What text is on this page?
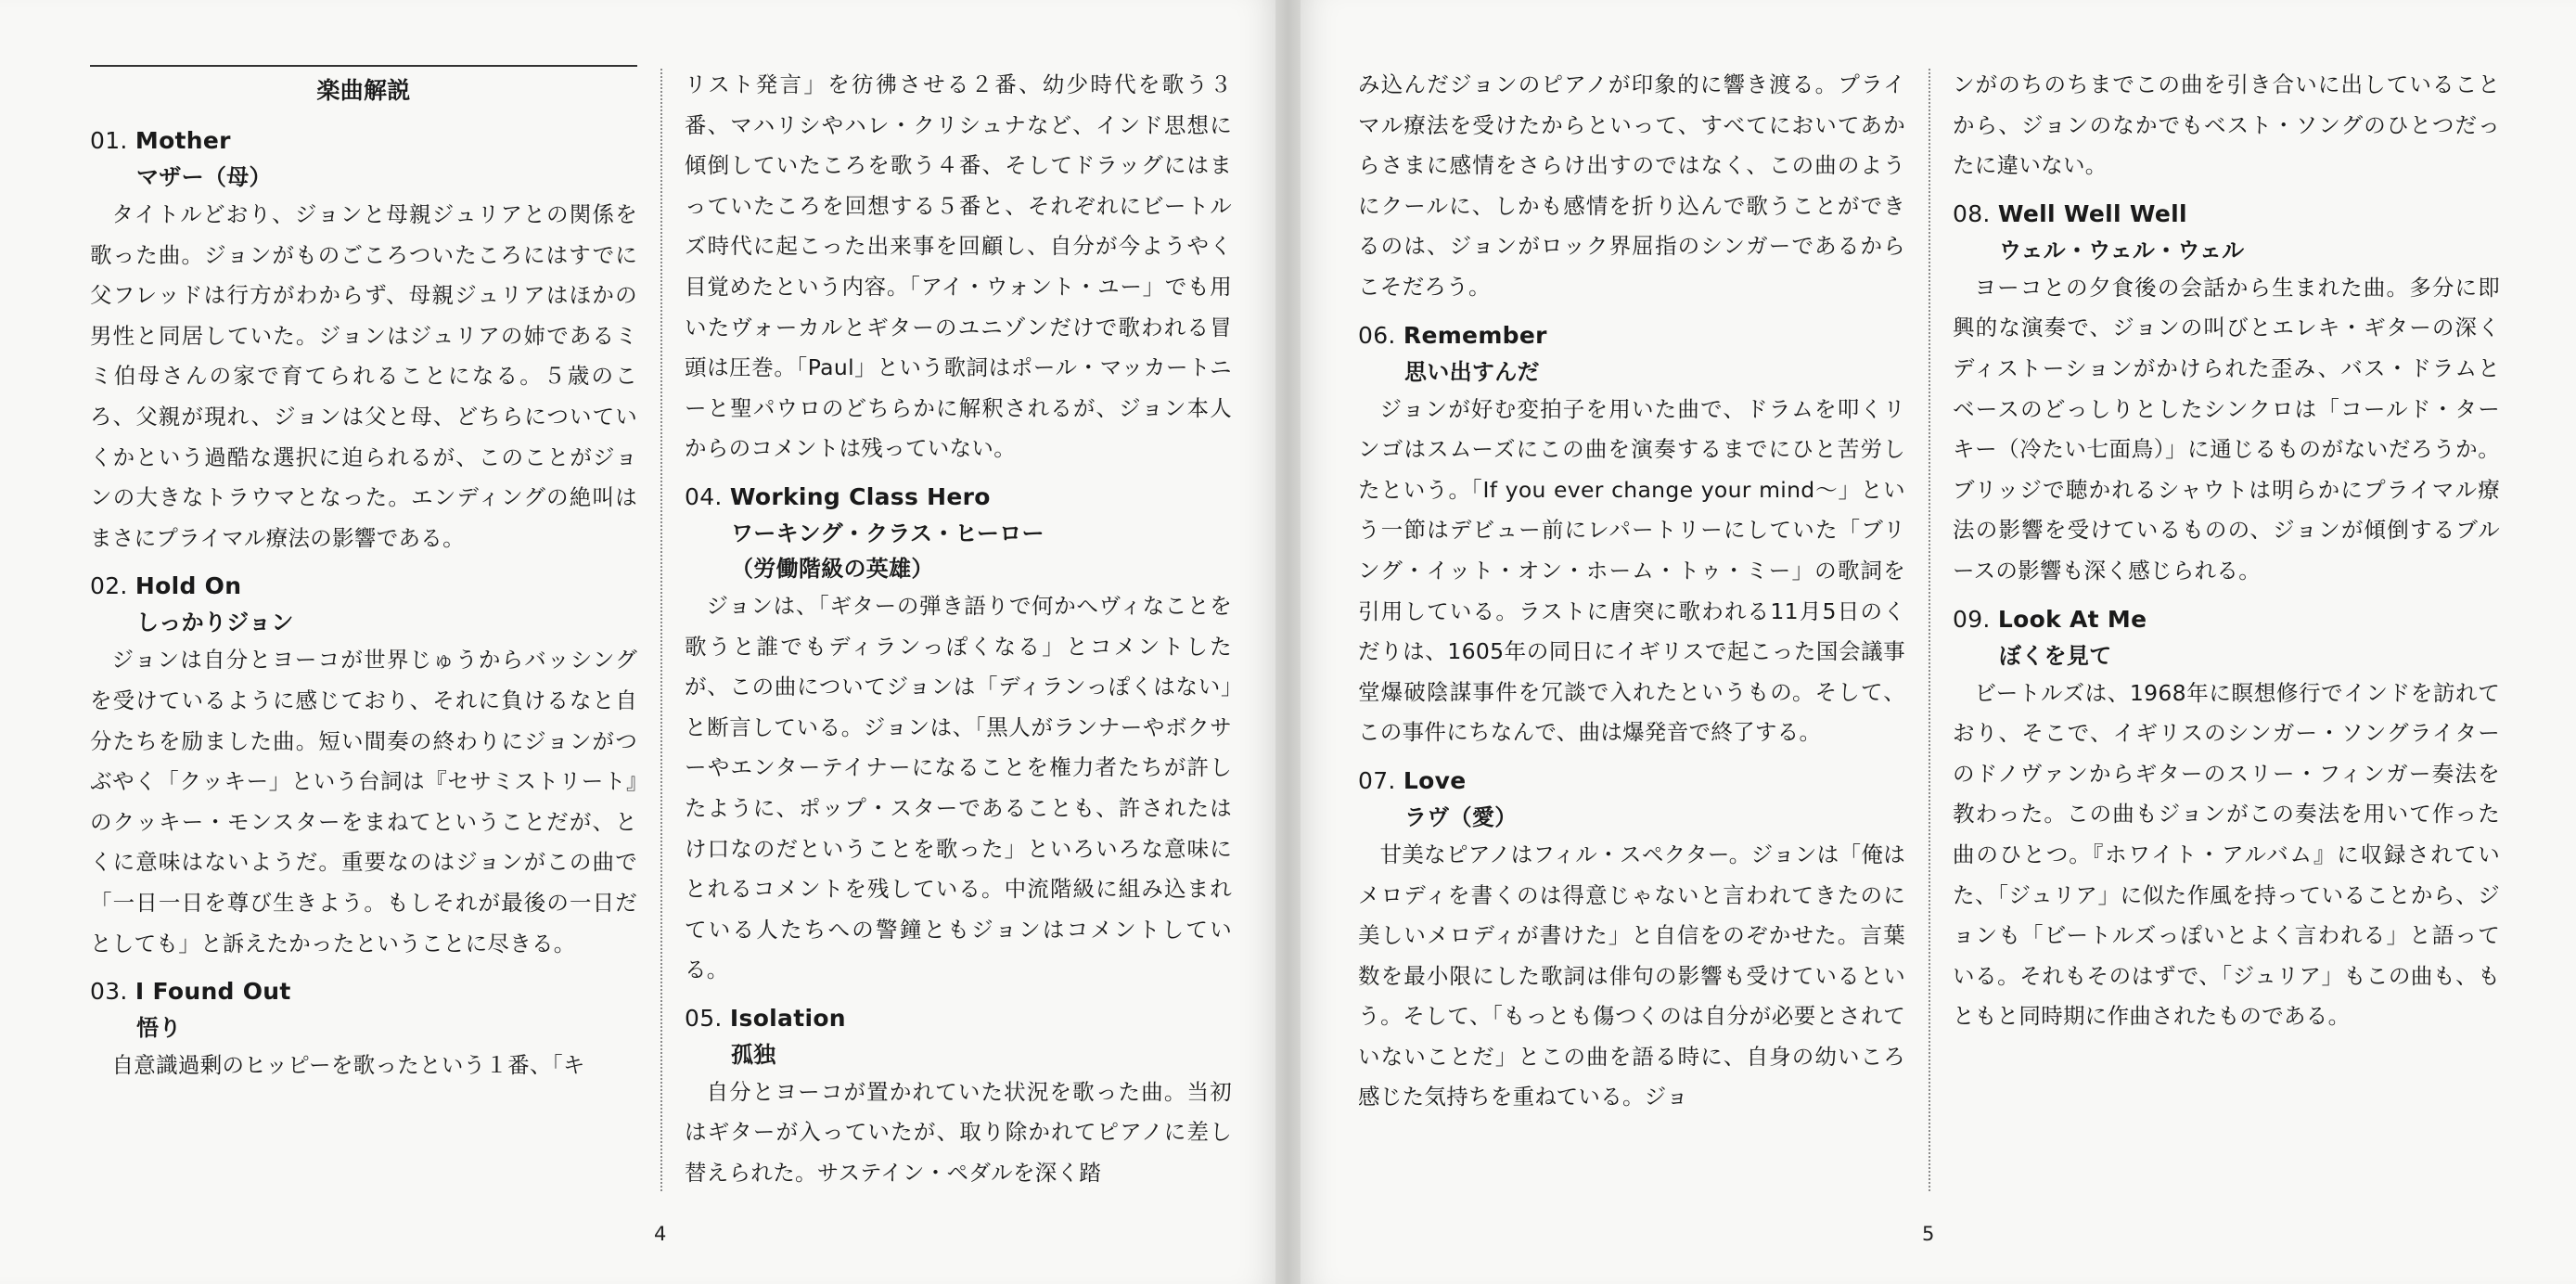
楽曲解説
01. Mother
マザー（母）

タイトルどおり、ジョンと母親ジュリアとの関係を歌った曲。ジョンがものごころついたころにはすでに父フレッドは行方がわからず、母親ジュリアはほかの男性と同居していた。ジョンはジュリアの姉であるミミ伯母さんの家で育てられることになる。５歳のころ、父親が現れ、ジョンは父と母、どちらについていくかという過酷な選択に迫られるが、このことがジョンの大きなトラウマとなった。エンディングの絶叫はまさにプライマル療法の影響である。

02. Hold On
しっかりジョン

ジョンは自分とヨーコが世界じゅうからバッシングを受けているように感じており、それに負けるなと自分たちを励ました曲。短い間奏の終わりにジョンがつぶやく「クッキー」という台詞は『セサミストリート』のクッキー・モンスターをまねてということだが、とくに意味はないようだ。重要なのはジョンがこの曲で「一日一日を尊び生きよう。もしそれが最後の一日だとしても」と訴えたかったということに尽きる。

03. I Found Out
悟り

自意識過剰のヒッピーを歌ったという１番、「キ

リスト発言」を彷彿させる２番、幼少時代を歌う３番、マハリシやハレ・クリシュナなど、インド思想に傾倒していたころを歌う４番、そしてドラッグにはまっていたころを回想する５番と、それぞれにビートルズ時代に起こった出来事を回顧し、自分が今ようやく目覚めたという内容。「アイ・ウォント・ユー」でも用いたヴォーカルとギターのユニゾンだけで歌われる冒頭は圧巻。「Paul」という歌詞はポール・マッカートニーと聖パウロのどちらかに解釈されるが、ジョン本人からのコメントは残っていない。

04. Working Class Hero
ワーキング・クラス・ヒーロー
（労働階級の英雄）

ジョンは、「ギターの弾き語りで何かへヴィなことを歌うと誰でもディランっぽくなる」とコメントしたが、この曲についてジョンは「ディランっぽくはない」と断言している。ジョンは、「黒人がランナーやボクサーやエンターテイナーになることを権力者たちが許したように、ポップ・スターであることも、許されたはけ口なのだということを歌った」といろいろな意味にとれるコメントを残している。中流階級に組み込まれている人たちへの警鐘ともジョンはコメントしている。

05. Isolation
孤独

自分とヨーコが置かれていた状況を歌った曲。当初はギターが入っていたが、取り除かれてピアノに差し替えられた。サステイン・ペダルを深く踏

4

み込んだジョンのピアノが印象的に響き渡る。プライマル療法を受けたからといって、すべてにおいてあからさまに感情をさらけ出すのではなく、この曲のようにクールに、しかも感情を折り込んで歌うことができるのは、ジョンがロック界屈指のシンガーであるからこそだろう。

06. Remember
思い出すんだ

ジョンが好む変拍子を用いた曲で、ドラムを叩くリンゴはスムーズにこの曲を演奏するまでにひと苦労したという。「If you ever change your mind～」という一節はデビュー前にレパートリーにしていた「ブリング・イット・オン・ホーム・トゥ・ミー」の歌詞を引用している。ラストに唐突に歌われる11月5日のくだりは、1605年の同日にイギリスで起こった国会議事堂爆破陰謀事件を冗談で入れたというもの。そして、この事件にちなんで、曲は爆発音で終了する。

07. Love
ラヴ（愛）

甘美なピアノはフィル・スペクター。ジョンは「俺はメロディを書くのは得意じゃないと言われてきたのに美しいメロディが書けた」と自信をのぞかせた。言葉数を最小限にした歌詞は俳句の影響も受けているという。そして、「もっとも傷つくのは自分が必要とされていないことだ」とこの曲を語る時に、自身の幼いころ感じた気持ちを重ねている。ジョ

ンがのちのちまでこの曲を引き合いに出していることから、ジョンのなかでもベスト・ソングのひとつだったに違いない。

08. Well Well Well
ウェル・ウェル・ウェル

ヨーコとの夕食後の会話から生まれた曲。多分に即興的な演奏で、ジョンの叫びとエレキ・ギターの深くディストーションがかけられた歪み、バス・ドラムとベースのどっしりとしたシンクロは「コールド・ターキー（冷たい七面鳥）」に通じるものがないだろうか。ブリッジで聴かれるシャウトは明らかにプライマル療法の影響を受けているものの、ジョンが傾倒するブルースの影響も深く感じられる。

09. Look At Me
ぼくを見て

ビートルズは、1968年に瞑想修行でインドを訪れており、そこで、イギリスのシンガー・ソングライターのドノヴァンからギターのスリー・フィンガー奏法を教わった。この曲もジョンがこの奏法を用いて作った曲のひとつ。『ホワイト・アルバム』に収録されていた、「ジュリア」に似た作風を持っていることから、ジョンも「ビートルズっぽいとよく言われる」と語っている。それもそのはずで、「ジュリア」もこの曲も、もともと同時期に作曲されたものである。

5
